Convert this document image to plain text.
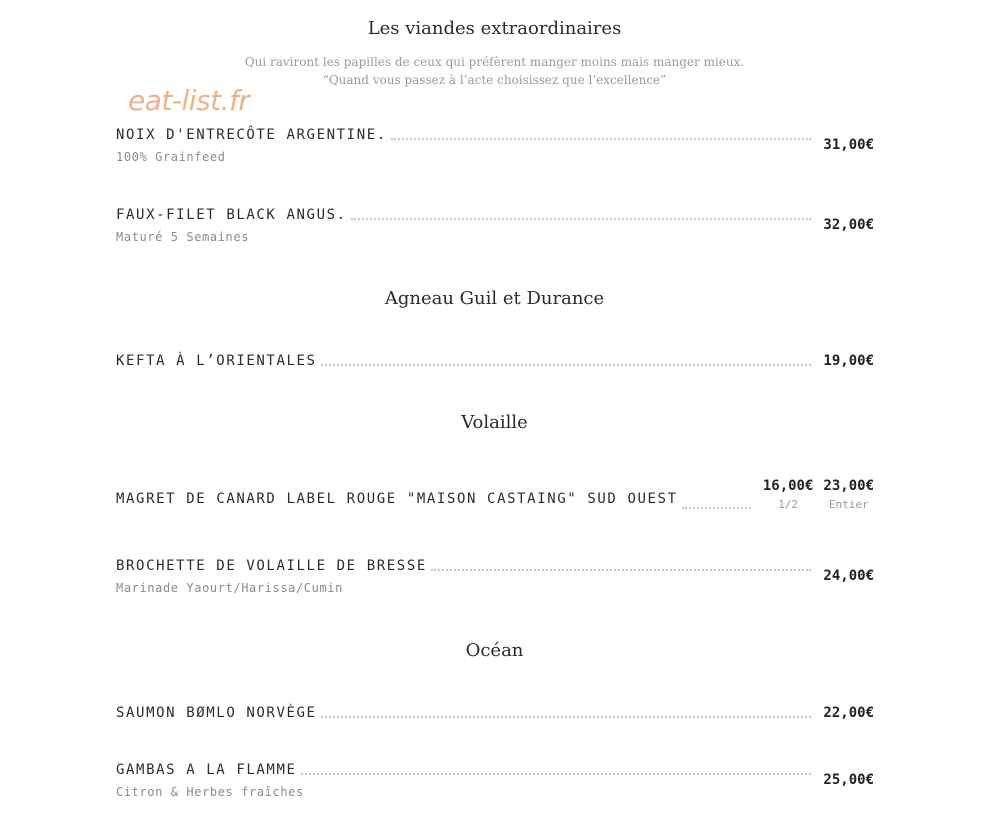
eat-list.fr
Les viandes extraordinaires
Qui raviront les papilles de ceux qui préfèrent manger moins mais manger mieux.
“Quand vous passez à l’acte choisissez que l’excellence”
NOIX D'ENTRECÔTE ARGENTINE.
31,00€
100% Grainfeed
FAUX-FILET BLACK ANGUS.
32,00€
Maturé 5 Semaines
Agneau Guil et Durance
KEFTA À L’ORIENTALES	19,00€
Volaille
MAGRET DE CANARD LABEL ROUGE "MAISON CASTAING" SUD OUEST
16,00€
1/2
23,00€
Entier
BROCHETTE DE VOLAILLE DE BRESSE
24,00€
Marinade Yaourt/Harissa/Cumin
Océan
SAUMON BØMLO NORVÈGE	22,00€
GAMBAS A LA FLAMME
25,00€
Citron & Herbes fraîches
